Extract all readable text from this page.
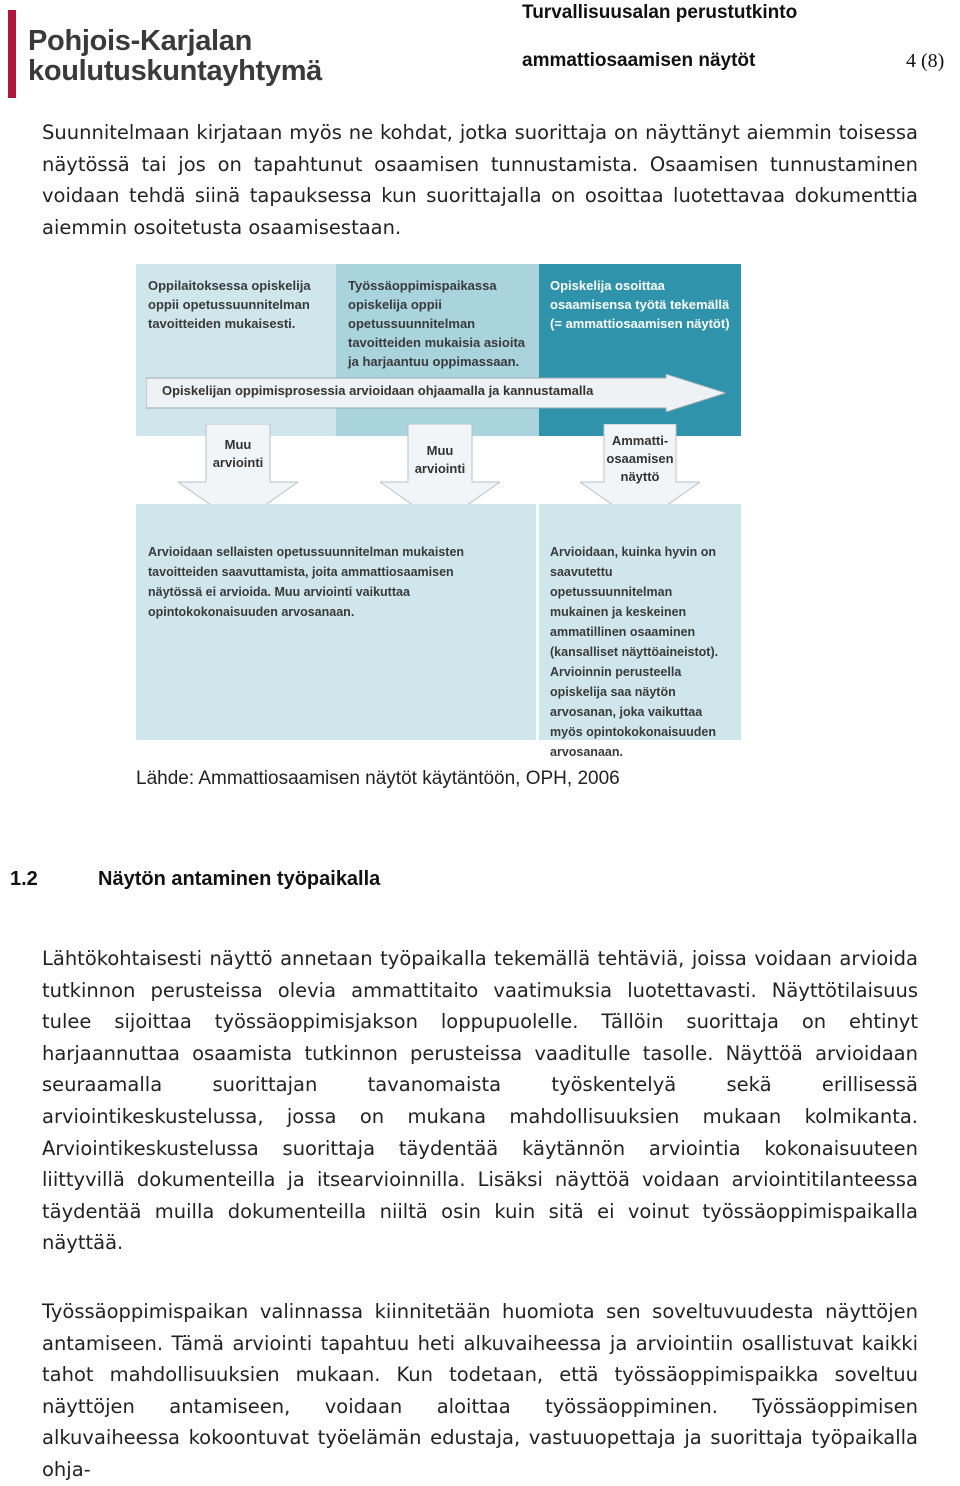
Pohjois-Karjalan
koulutuskuntayhtymä
Turvallisuusalan perustutkinto
ammattiosaamisen näytöt	4 (8)

Suunnitelmaan kirjataan myös ne kohdat, jotka suorittaja on näyttänyt aiemmin toisessa näytössä tai jos on tapahtunut osaamisen tunnustamista. Osaamisen tunnustaminen voidaan tehdä siinä tapauksessa kun suorittajalla on osoittaa luotettavaa dokumenttia aiemmin osoitetusta osaamisestaan.

Oppilaitoksessa opiskelija oppii opetussuunnitelman tavoitteiden mukaisesti.
Työssäoppimispaikassa opiskelija oppii opetussuunnitelman tavoitteiden mukaisia asioita ja harjaantuu oppimassaan.
Opiskelija osoittaa osaamisensa työtä tekemällä (= ammattiosaamisen näytöt)
Opiskelijan oppimisprosessia arvioidaan ohjaamalla ja kannustamalla
Muu arviointi
Muu arviointi
Ammatti-osaamisen näyttö
Arvioidaan sellaisten opetussuunnitelman mukaisten tavoitteiden saavuttamista, joita ammattiosaamisen näytössä ei arvioida. Muu arviointi vaikuttaa opintokokonaisuuden arvosanaan.
Arvioidaan, kuinka hyvin on saavutettu opetussuunnitelman mukainen ja keskeinen ammatillinen osaaminen (kansalliset näyttöaineistot). Arvioinnin perusteella opiskelija saa näytön arvosanan, joka vaikuttaa myös opintokokonaisuuden arvosanaan.
Lähde: Ammattiosaamisen näytöt käytäntöön, OPH, 2006
1.2	Näytön antaminen työpaikalla

Lähtökohtaisesti näyttö annetaan työpaikalla tekemällä tehtäviä, joissa voidaan arvioida tutkinnon perusteissa olevia ammattitaito vaatimuksia luotettavasti. Näyttötilaisuus tulee sijoittaa työssäoppimisjakson loppupuolelle. Tällöin suorittaja on ehtinyt harjaannuttaa osaamista tutkinnon perusteissa vaaditulle tasolle. Näyttöä arvioidaan seuraamalla suorittajan tavanomaista työskentelyä sekä erillisessä arviointikeskustelussa, jossa on mukana mahdollisuuksien mukaan kolmikanta. Arviointikeskustelussa suorittaja täydentää käytännön arviointia kokonaisuuteen liittyvillä dokumenteilla ja itsearvioinnilla. Lisäksi näyttöä voidaan arviointitilanteessa täydentää muilla dokumenteilla niiltä osin kuin sitä ei voinut työssäoppimispaikalla näyttää.

Työssäoppimispaikan valinnassa kiinnitetään huomiota sen soveltuvuudesta näyttöjen antamiseen. Tämä arviointi tapahtuu heti alkuvaiheessa ja arviointiin osallistuvat kaikki tahot mahdollisuuksien mukaan. Kun todetaan, että työssäoppimispaikka soveltuu näyttöjen antamiseen, voidaan aloittaa työssäoppiminen. Työssäoppimisen alkuvaiheessa kokoontuvat työelämän edustaja, vastuuopettaja ja suorittaja työpaikalla ohja-
